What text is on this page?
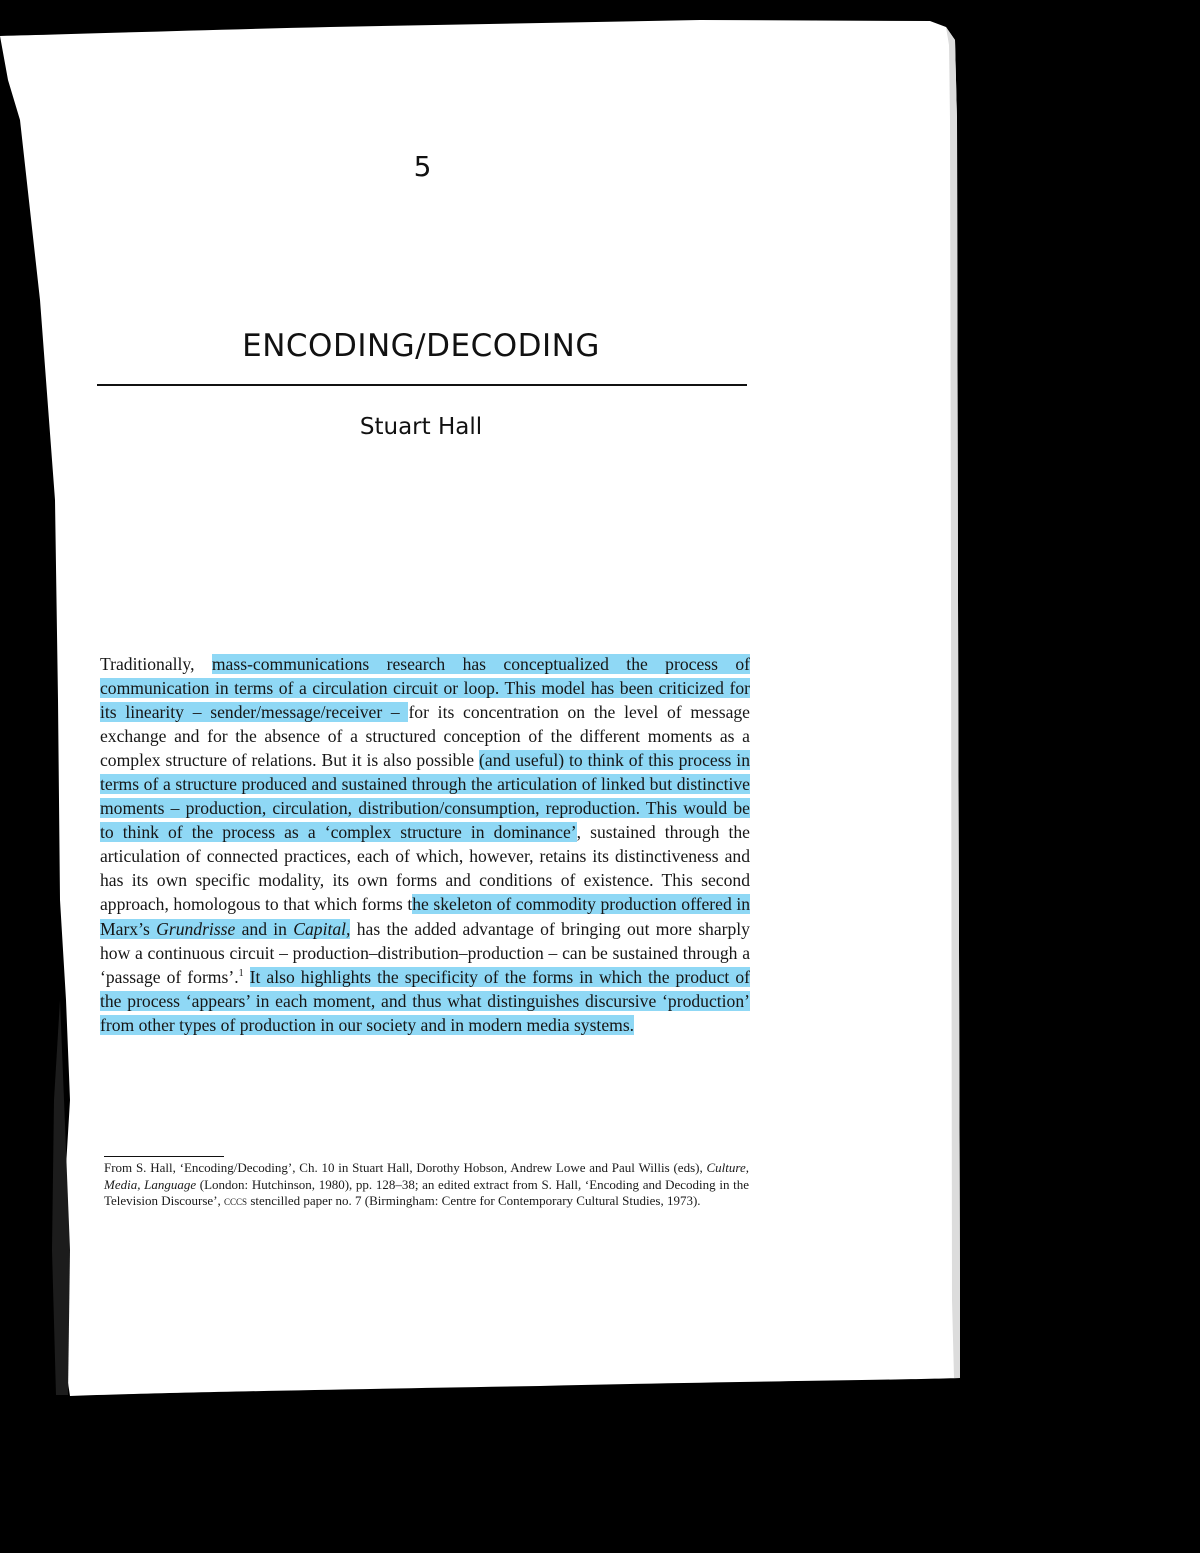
5
ENCODING/DECODING
Stuart Hall

Traditionally, mass-communications research has conceptualized the process of communication in terms of a circulation circuit or loop. This model has been criticized for its linearity – sender/message/receiver – for its concentration on the level of message exchange and for the absence of a structured conception of the different moments as a complex structure of relations. But it is also possible (and useful) to think of this process in terms of a structure produced and sustained through the articulation of linked but distinctive moments – production, circulation, distribution/consumption, reproduction. This would be to think of the process as a ‘complex structure in dominance’, sustained through the articulation of connected practices, each of which, however, retains its distinctiveness and has its own specific modality, its own forms and conditions of existence. This second approach, homologous to that which forms the skeleton of commodity production offered in Marx’s Grundrisse and in Capital, has the added advantage of bringing out more sharply how a continuous circuit – production–distribution–production – can be sustained through a ‘passage of forms’.$^1$ It also highlights the specificity of the forms in which the product of the process ‘appears’ in each moment, and thus what distinguishes discursive ‘production’ from other types of production in our society and in modern media systems.

From S. Hall, ‘Encoding/Decoding’, Ch. 10 in Stuart Hall, Dorothy Hobson, Andrew Lowe and Paul Willis (eds), Culture, Media, Language (London: Hutchinson, 1980), pp. 128–38; an edited extract from S. Hall, ‘Encoding and Decoding in the Television Discourse’, cccs stencilled paper no. 7 (Birmingham: Centre for Contemporary Cultural Studies, 1973).
